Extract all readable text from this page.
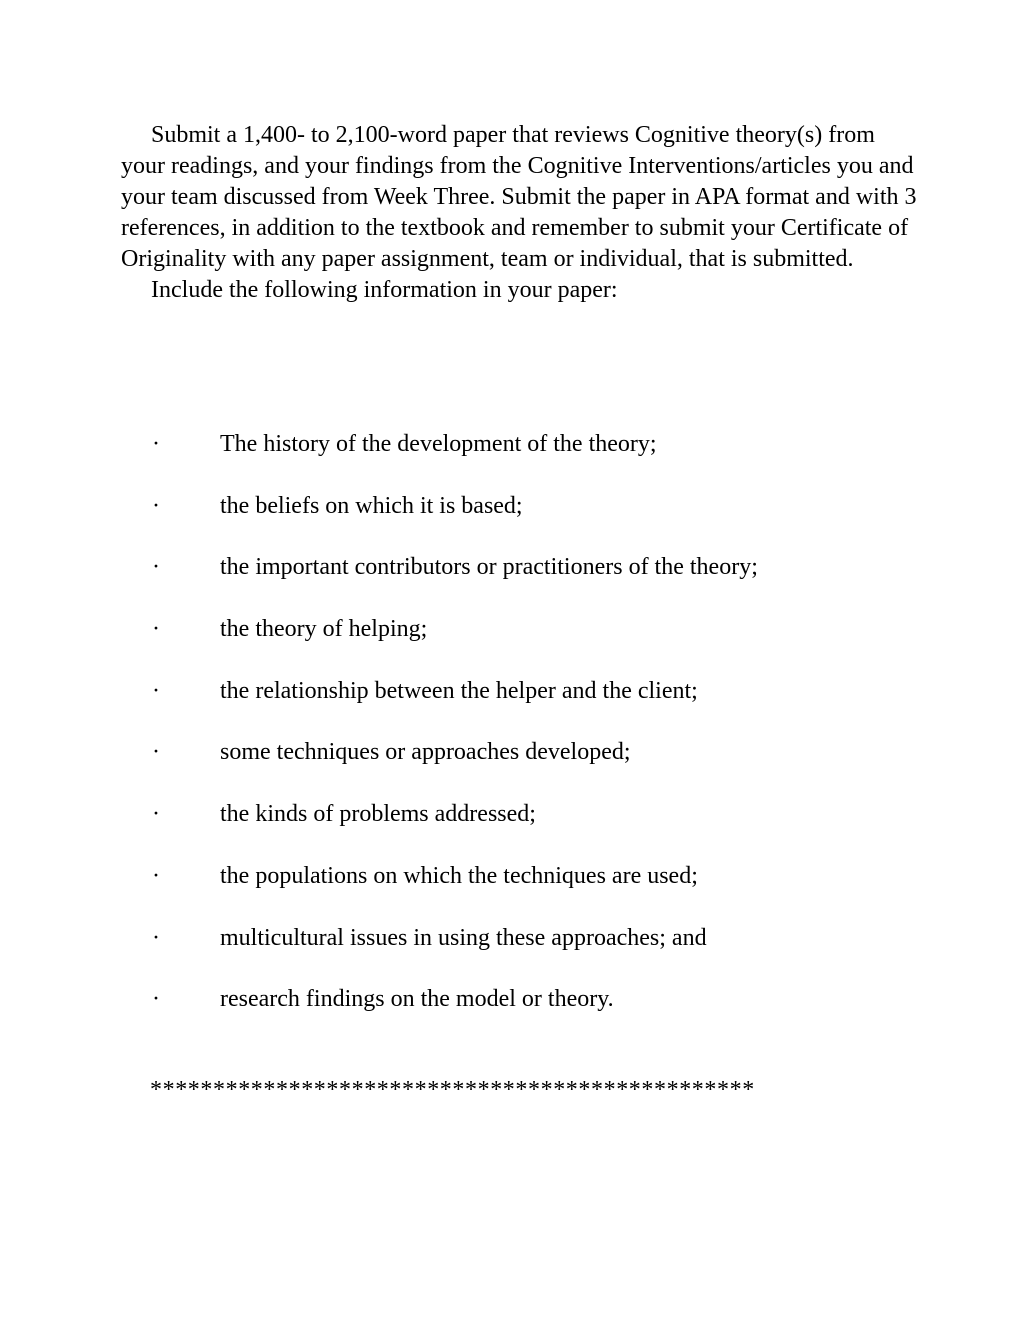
Submit a 1,400- to 2,100-word paper that reviews Cognitive theory(s) from your readings, and your findings from the Cognitive Interventions/articles you and your team discussed from Week Three. Submit the paper in APA format and with 3 references, in addition to the textbook and remember to submit your Certificate of Originality with any paper assignment, team or individual, that is submitted.

Include the following information in your paper:

·	The history of the development of the theory;
·	the beliefs on which it is based;
·	the important contributors or practitioners of the theory;
·	the theory of helping;
·	the relationship between the helper and the client;
·	some techniques or approaches developed;
·	the kinds of problems addressed;
·	the populations on which the techniques are used;
·	multicultural issues in using these approaches; and
·	research findings on the model or theory.
************************************************
